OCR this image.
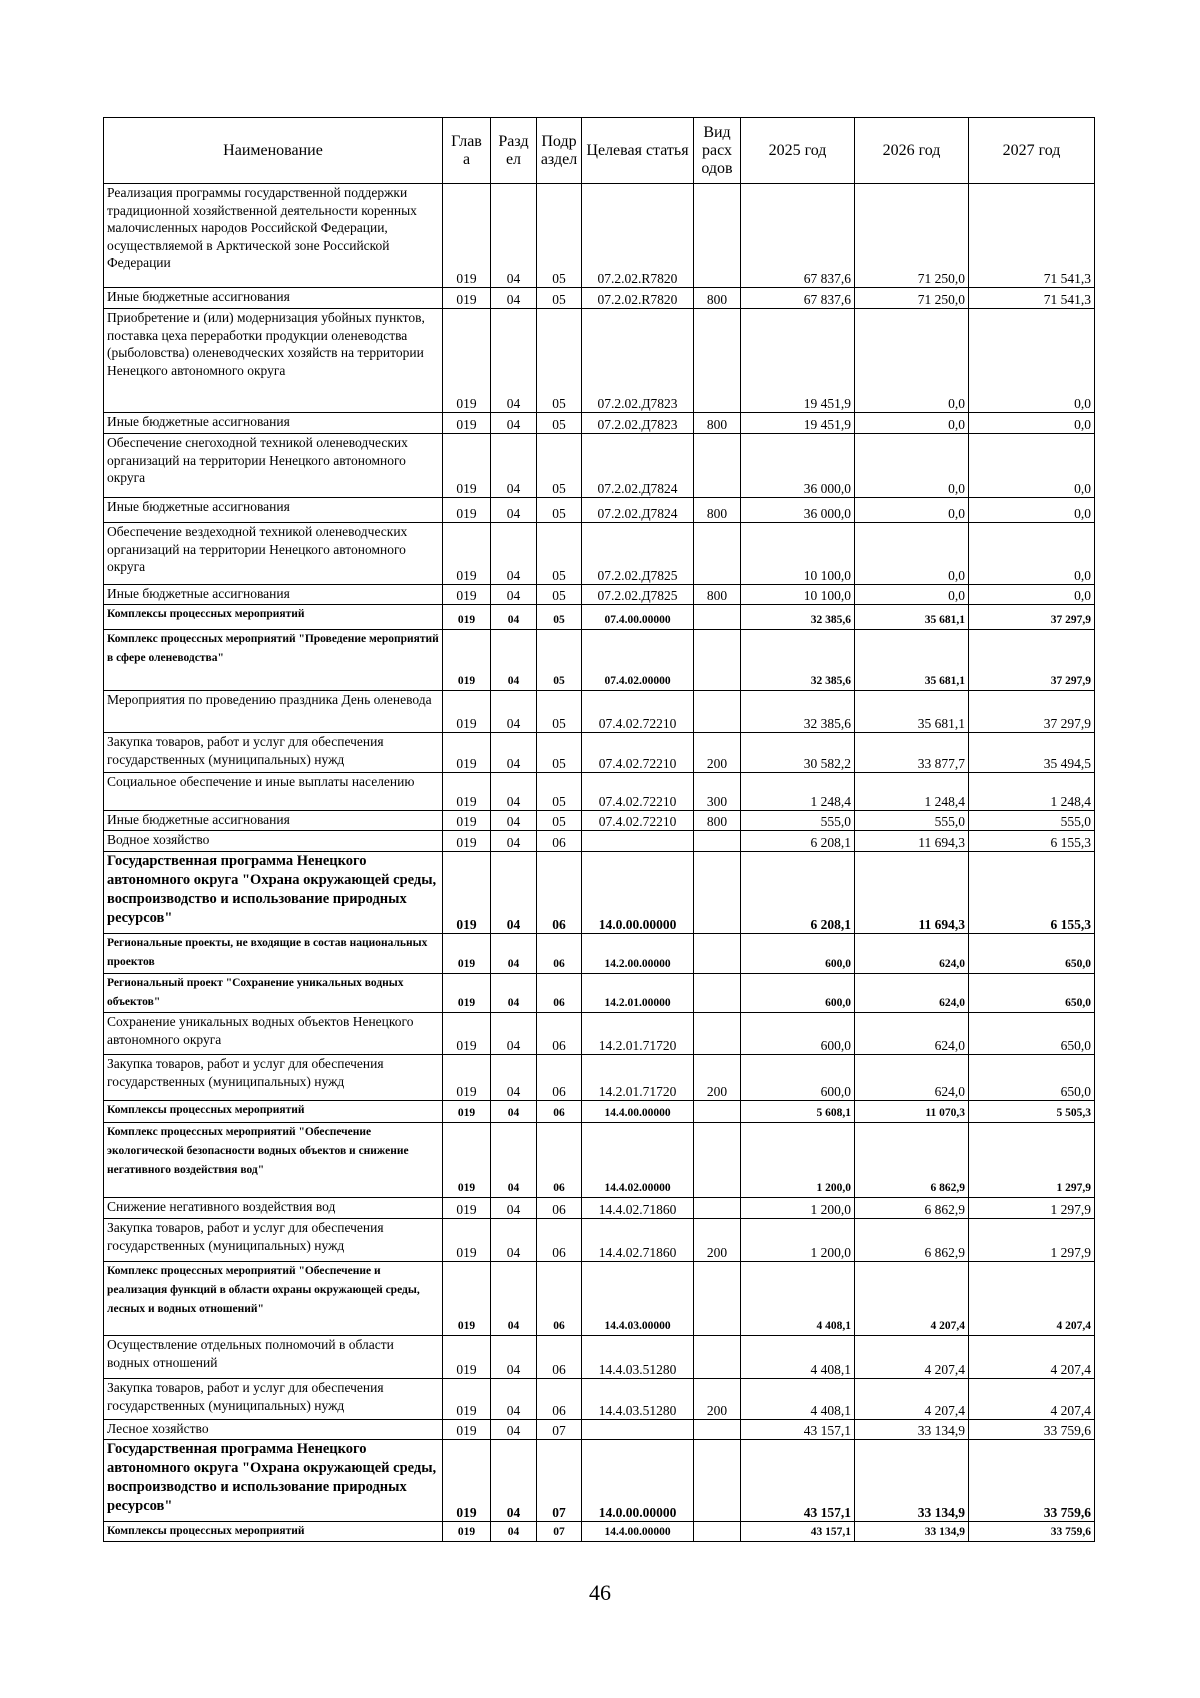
Наименование	Глав а	Разд ел	Подр аздел	Целевая статья	Вид расх одов	2025 год	2026 год	2027 год
Реализация программы государственной поддержки традиционной хозяйственной деятельности коренных малочисленных народов Российской Федерации, осуществляемой в Арктической зоне Российской Федерации	019	04	05	07.2.02.R7820		67 837,6	71 250,0	71 541,3
Иные бюджетные ассигнования	019	04	05	07.2.02.R7820	800	67 837,6	71 250,0	71 541,3
Приобретение и (или) модернизация убойных пунктов, поставка цеха переработки продукции оленеводства (рыболовства) оленеводческих хозяйств на территории Ненецкого автономного округа	019	04	05	07.2.02.Д7823		19 451,9	0,0	0,0
Иные бюджетные ассигнования	019	04	05	07.2.02.Д7823	800	19 451,9	0,0	0,0
Обеспечение снегоходной техникой оленеводческих организаций на территории Ненецкого автономного округа	019	04	05	07.2.02.Д7824		36 000,0	0,0	0,0
Иные бюджетные ассигнования	019	04	05	07.2.02.Д7824	800	36 000,0	0,0	0,0
Обеспечение вездеходной техникой оленеводческих организаций на территории Ненецкого автономного округа	019	04	05	07.2.02.Д7825		10 100,0	0,0	0,0
Иные бюджетные ассигнования	019	04	05	07.2.02.Д7825	800	10 100,0	0,0	0,0
Комплексы процессных мероприятий	019	04	05	07.4.00.00000		32 385,6	35 681,1	37 297,9
Комплекс процессных мероприятий "Проведение мероприятий в сфере оленеводства"	019	04	05	07.4.02.00000		32 385,6	35 681,1	37 297,9
Мероприятия по проведению праздника День оленевода	019	04	05	07.4.02.72210		32 385,6	35 681,1	37 297,9
Закупка товаров, работ и услуг для обеспечения государственных (муниципальных) нужд	019	04	05	07.4.02.72210	200	30 582,2	33 877,7	35 494,5
Социальное обеспечение и иные выплаты населению	019	04	05	07.4.02.72210	300	1 248,4	1 248,4	1 248,4
Иные бюджетные ассигнования	019	04	05	07.4.02.72210	800	555,0	555,0	555,0
Водное хозяйство	019	04	06			6 208,1	11 694,3	6 155,3
Государственная программа Ненецкого автономного округа "Охрана окружающей среды, воспроизводство и использование природных ресурсов"	019	04	06	14.0.00.00000		6 208,1	11 694,3	6 155,3
Региональные проекты, не входящие в состав национальных проектов	019	04	06	14.2.00.00000		600,0	624,0	650,0
Региональный проект "Сохранение уникальных водных объектов"	019	04	06	14.2.01.00000		600,0	624,0	650,0
Сохранение уникальных водных объектов Ненецкого автономного округа	019	04	06	14.2.01.71720		600,0	624,0	650,0
Закупка товаров, работ и услуг для обеспечения государственных (муниципальных) нужд	019	04	06	14.2.01.71720	200	600,0	624,0	650,0
Комплексы процессных мероприятий	019	04	06	14.4.00.00000		5 608,1	11 070,3	5 505,3
Комплекс процессных мероприятий "Обеспечение экологической безопасности водных объектов и снижение негативного воздействия вод"	019	04	06	14.4.02.00000		1 200,0	6 862,9	1 297,9
Снижение негативного воздействия вод	019	04	06	14.4.02.71860		1 200,0	6 862,9	1 297,9
Закупка товаров, работ и услуг для обеспечения государственных (муниципальных) нужд	019	04	06	14.4.02.71860	200	1 200,0	6 862,9	1 297,9
Комплекс процессных мероприятий "Обеспечение и реализация функций в области охраны окружающей среды, лесных и водных отношений"	019	04	06	14.4.03.00000		4 408,1	4 207,4	4 207,4
Осуществление отдельных полномочий в области водных отношений	019	04	06	14.4.03.51280		4 408,1	4 207,4	4 207,4
Закупка товаров, работ и услуг для обеспечения государственных (муниципальных) нужд	019	04	06	14.4.03.51280	200	4 408,1	4 207,4	4 207,4
Лесное хозяйство	019	04	07			43 157,1	33 134,9	33 759,6
Государственная программа Ненецкого автономного округа "Охрана окружающей среды, воспроизводство и использование природных ресурсов"	019	04	07	14.0.00.00000		43 157,1	33 134,9	33 759,6
Комплексы процессных мероприятий	019	04	07	14.4.00.00000		43 157,1	33 134,9	33 759,6
46
